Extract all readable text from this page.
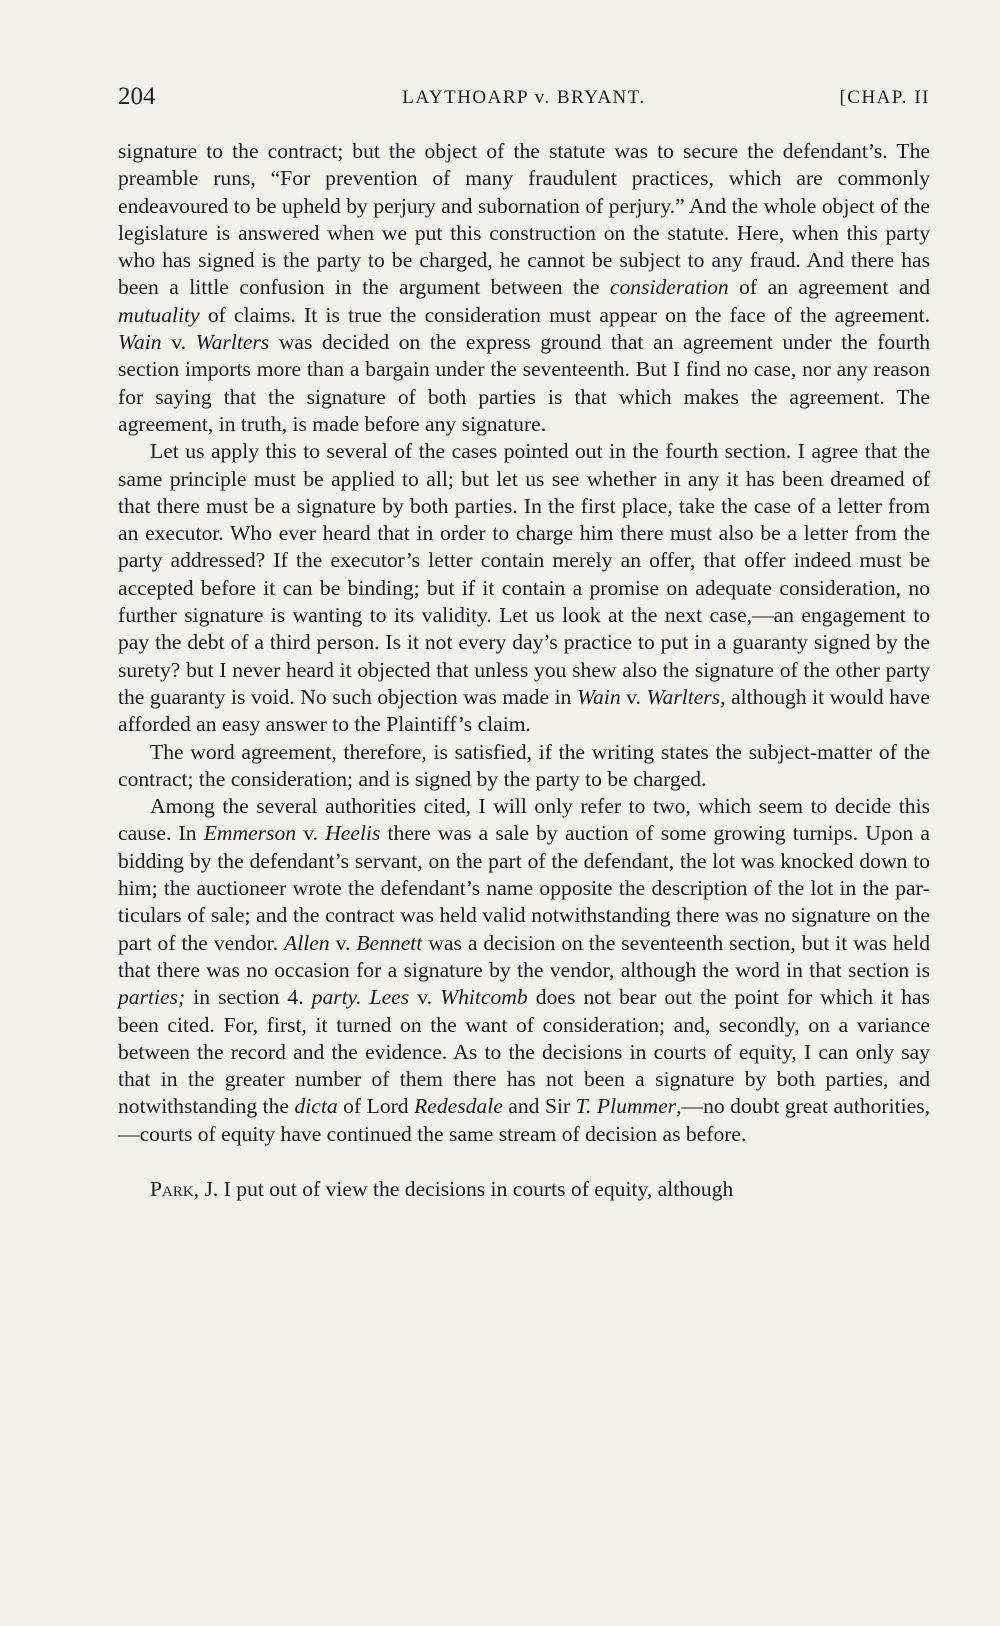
204	LAYTHOARP v. BRYANT.	[CHAP. II

signature to the contract; but the object of the statute was to secure the defendant’s. The preamble runs, “For prevention of many fraudulent practices, which are commonly endeavoured to be upheld by perjury and subornation of perjury.” And the whole object of the legislature is answered when we put this construction on the statute. Here, when this party who has signed is the party to be charged, he cannot be subject to any fraud. And there has been a little confusion in the argument between the consideration of an agreement and mutuality of claims. It is true the consideration must appear on the face of the agreement. Wain v. Warlters was decided on the express ground that an agreement under the fourth section imports more than a bargain under the seventeenth. But I find no case, nor any reason for saying that the signature of both parties is that which makes the agreement. The agreement, in truth, is made before any signature.

Let us apply this to several of the cases pointed out in the fourth section. I agree that the same principle must be applied to all; but let us see whether in any it has been dreamed of that there must be a signature by both parties. In the first place, take the case of a letter from an executor. Who ever heard that in order to charge him there must also be a letter from the party addressed? If the executor’s letter contain merely an offer, that offer indeed must be accepted before it can be binding; but if it contain a promise on adequate consideration, no further signature is wanting to its validity. Let us look at the next case,—an engagement to pay the debt of a third person. Is it not every day’s practice to put in a guaranty signed by the surety? but I never heard it objected that unless you shew also the signature of the other party the guaranty is void. No such objection was made in Wain v. Warlters, although it would have afforded an easy answer to the Plaintiff’s claim.

The word agreement, therefore, is satisfied, if the writing states the subject-matter of the contract; the consideration; and is signed by the party to be charged.

Among the several authorities cited, I will only refer to two, which seem to decide this cause. In Emmerson v. Heelis there was a sale by auction of some growing turnips. Upon a bidding by the defendant’s servant, on the part of the defendant, the lot was knocked down to him; the auctioneer wrote the defendant’s name opposite the description of the lot in the particulars of sale; and the contract was held valid notwithstanding there was no signature on the part of the vendor. Allen v. Bennett was a decision on the seventeenth section, but it was held that there was no occasion for a signature by the vendor, although the word in that section is parties; in section 4. party. Lees v. Whitcomb does not bear out the point for which it has been cited. For, first, it turned on the want of consideration; and, secondly, on a variance between the record and the evidence. As to the decisions in courts of equity, I can only say that in the greater number of them there has not been a signature by both parties, and notwithstanding the dicta of Lord Redesdale and Sir T. Plummer,—no doubt great authorities,—courts of equity have continued the same stream of decision as before.

Park, J. I put out of view the decisions in courts of equity, although
